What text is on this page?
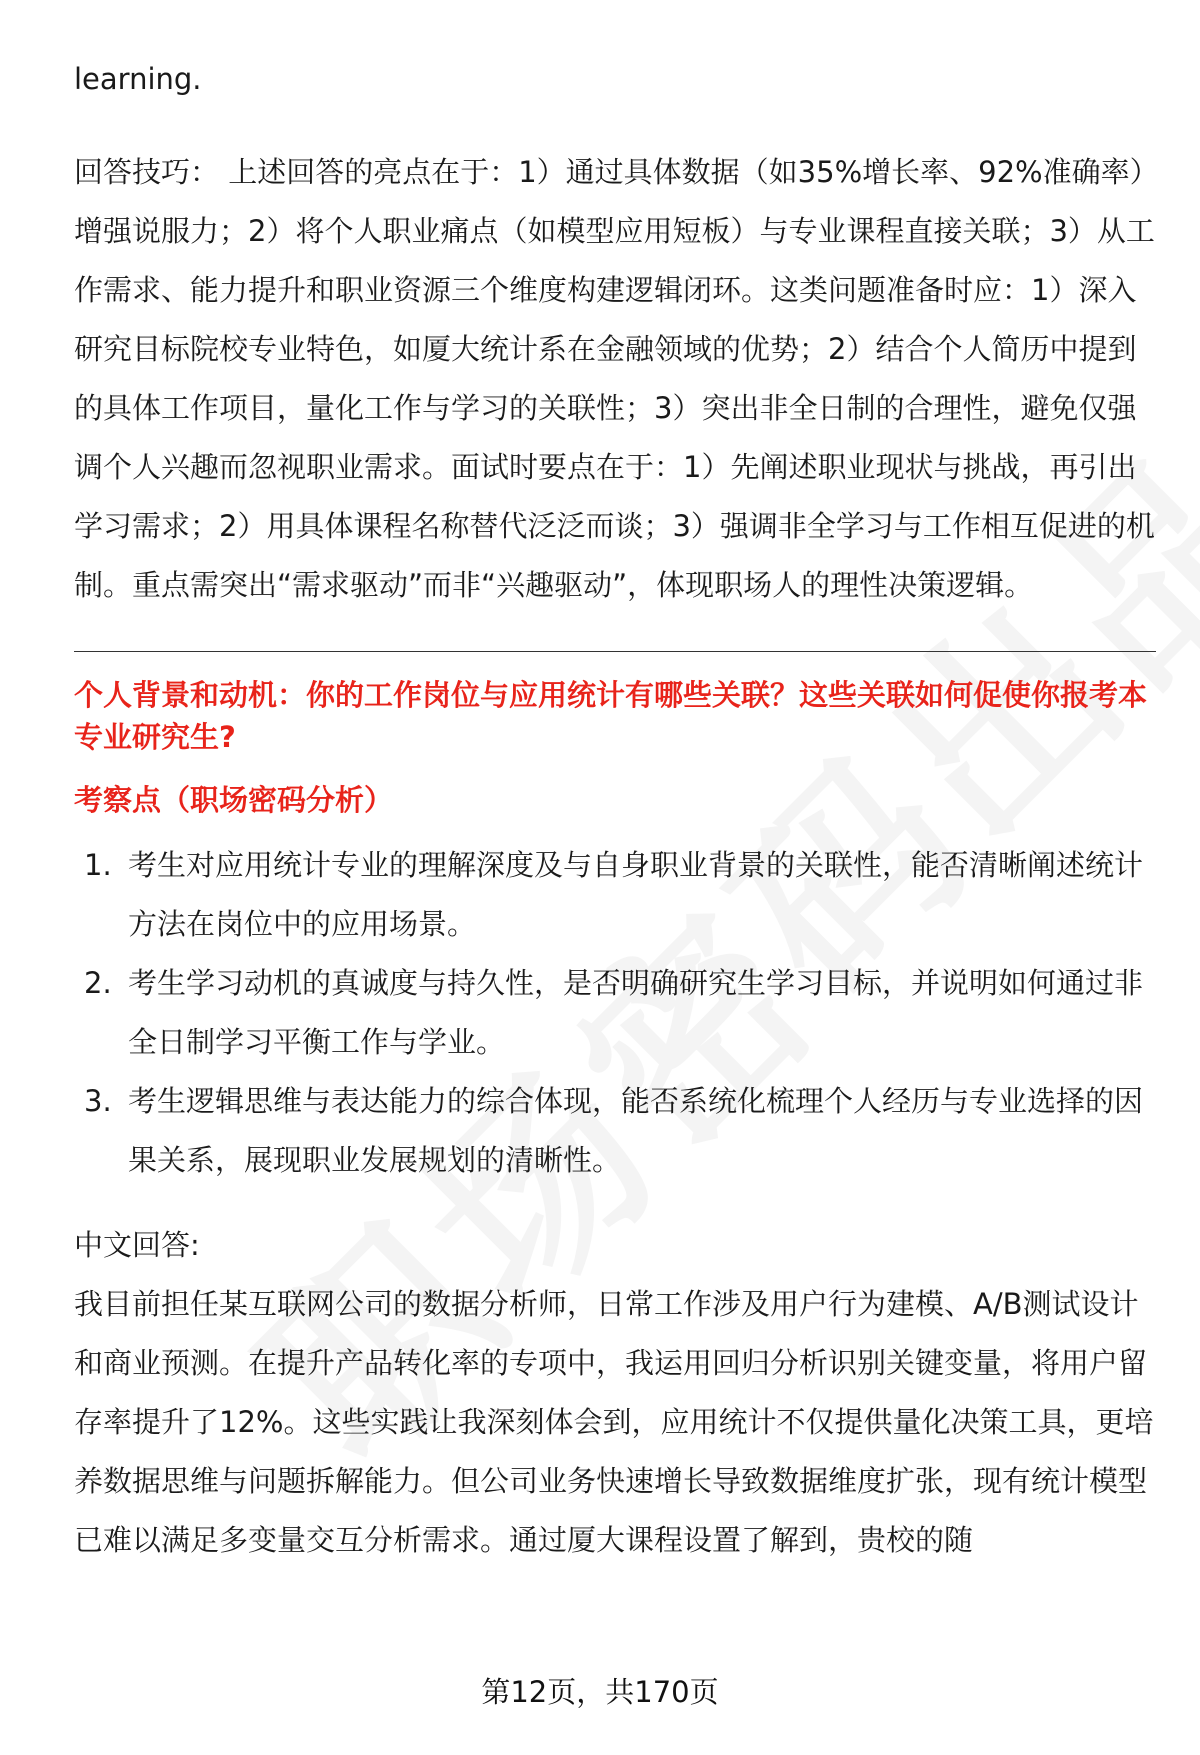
learning.

回答技巧： 上述回答的亮点在于：1）通过具体数据（如35%增长率、92%准确率）增强说服力；2）将个人职业痛点（如模型应用短板）与专业课程直接关联；3）从工作需求、能力提升和职业资源三个维度构建逻辑闭环。这类问题准备时应：1）深入研究目标院校专业特色，如厦大统计系在金融领域的优势；2）结合个人简历中提到的具体工作项目，量化工作与学习的关联性；3）突出非全日制的合理性，避免仅强调个人兴趣而忽视职业需求。面试时要点在于：1）先阐述职业现状与挑战，再引出学习需求；2）用具体课程名称替代泛泛而谈；3）强调非全学习与工作相互促进的机制。重点需突出“需求驱动”而非“兴趣驱动”，体现职场人的理性决策逻辑。

个人背景和动机：你的工作岗位与应用统计有哪些关联？这些关联如何促使你报考本专业研究生?

考察点（职场密码分析）

1. 考生对应用统计专业的理解深度及与自身职业背景的关联性，能否清晰阐述统计方法在岗位中的应用场景。
2. 考生学习动机的真诚度与持久性，是否明确研究生学习目标，并说明如何通过非全日制学习平衡工作与学业。
3. 考生逻辑思维与表达能力的综合体现，能否系统化梳理个人经历与专业选择的因果关系，展现职业发展规划的清晰性。

中文回答:

我目前担任某互联网公司的数据分析师，日常工作涉及用户行为建模、A/B测试设计和商业预测。在提升产品转化率的专项中，我运用回归分析识别关键变量，将用户留存率提升了12%。这些实践让我深刻体会到，应用统计不仅提供量化决策工具，更培养数据思维与问题拆解能力。但公司业务快速增长导致数据维度扩张，现有统计模型已难以满足多变量交互分析需求。通过厦大课程设置了解到，贵校的随

第12页，共170页
